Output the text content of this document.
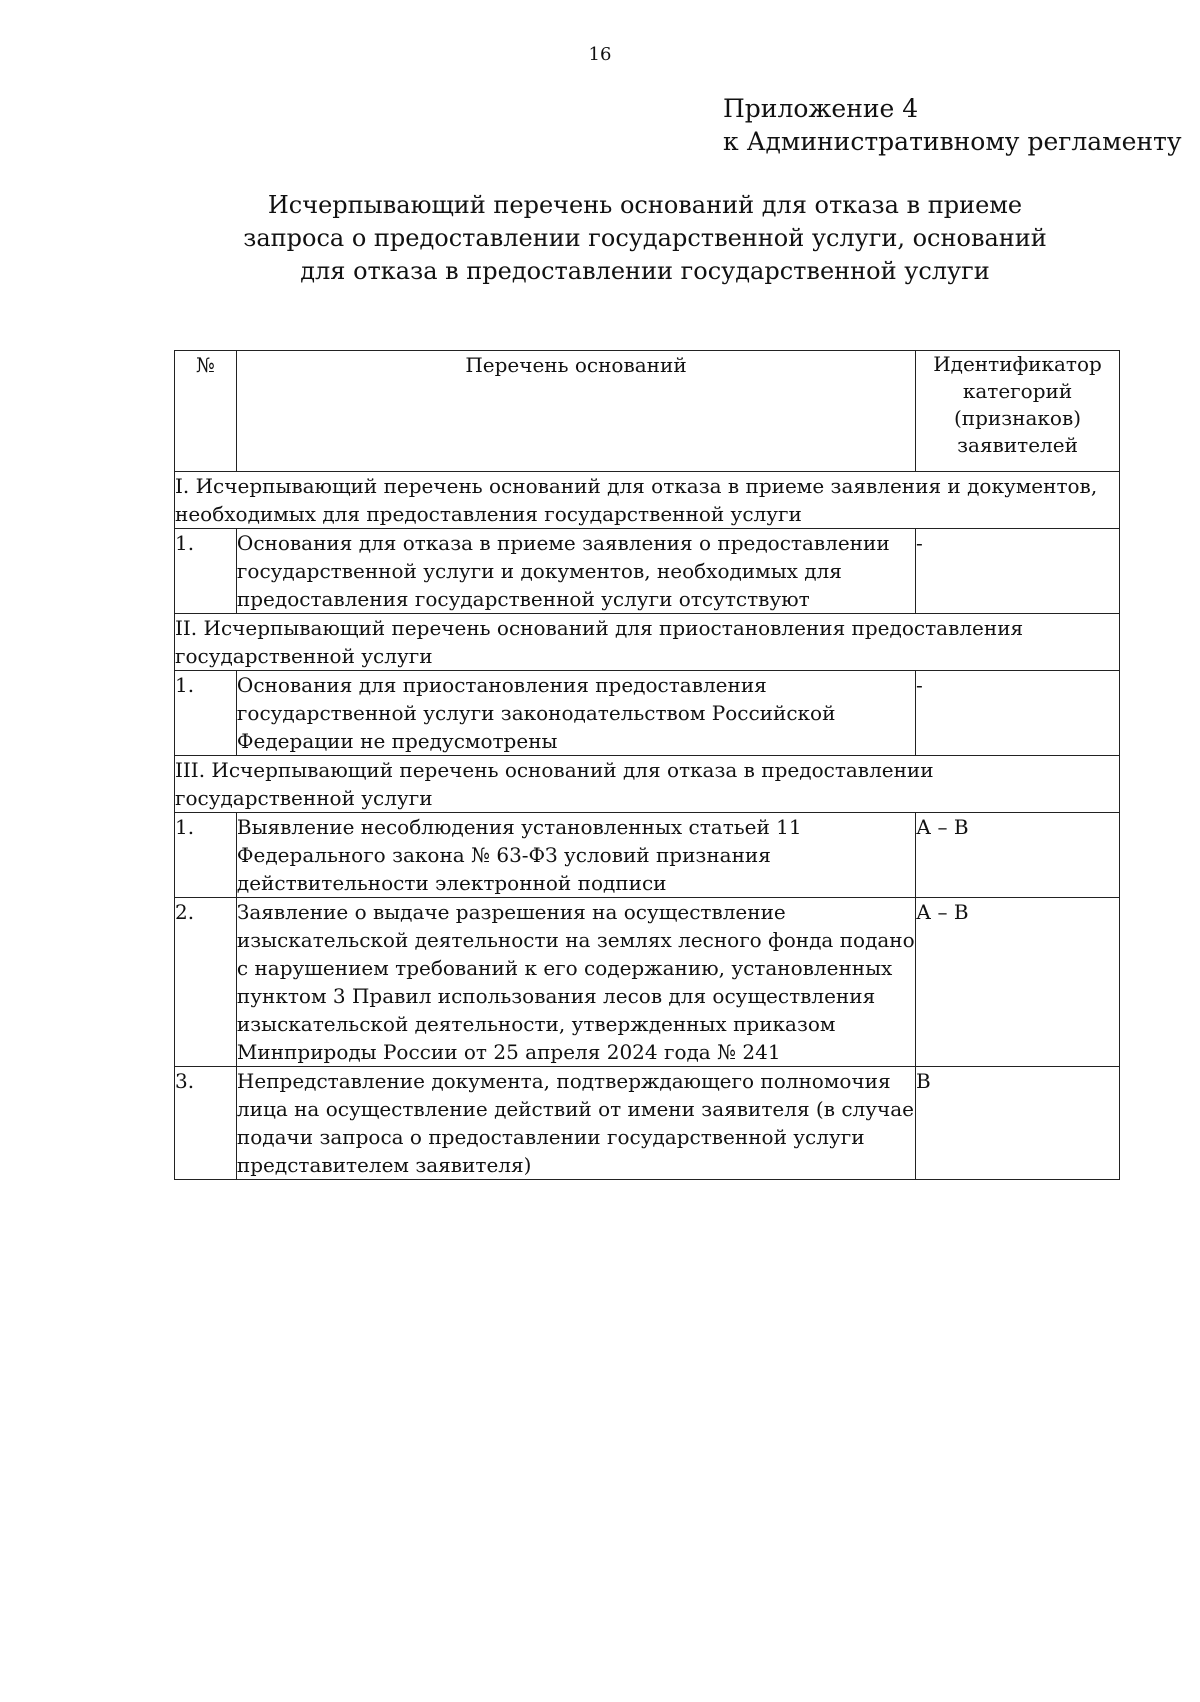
16
Приложение 4
к Административному регламенту
Исчерпывающий перечень оснований для отказа в приеме
запроса о предоставлении государственной услуги, оснований
для отказа в предоставлении государственной услуги
№	Перечень оснований	Идентификатор категорий (признаков) заявителей
I. Исчерпывающий перечень оснований для отказа в приеме заявления и документов, необходимых для предоставления государственной услуги		
1.	Основания для отказа в приеме заявления о предоставлении государственной услуги и документов, необходимых для предоставления государственной услуги отсутствуют	-
II. Исчерпывающий перечень оснований для приостановления предоставления государственной услуги		
1.	Основания для приостановления предоставления государственной услуги законодательством Российской Федерации не предусмотрены	-
III. Исчерпывающий перечень оснований для отказа в предоставлении государственной услуги		
1.	Выявление несоблюдения установленных статьей 11 Федерального закона № 63-ФЗ условий признания действительности электронной подписи	А – В
2.	Заявление о выдаче разрешения на осуществление изыскательской деятельности на землях лесного фонда подано с нарушением требований к его содержанию, установленных пунктом 3 Правил использования лесов для осуществления изыскательской деятельности, утвержденных приказом Минприроды России от 25 апреля 2024 года № 241	А – В
3.	Непредставление документа, подтверждающего полномочия лица на осуществление действий от имени заявителя (в случае подачи запроса о предоставлении государственной услуги представителем заявителя)	В
